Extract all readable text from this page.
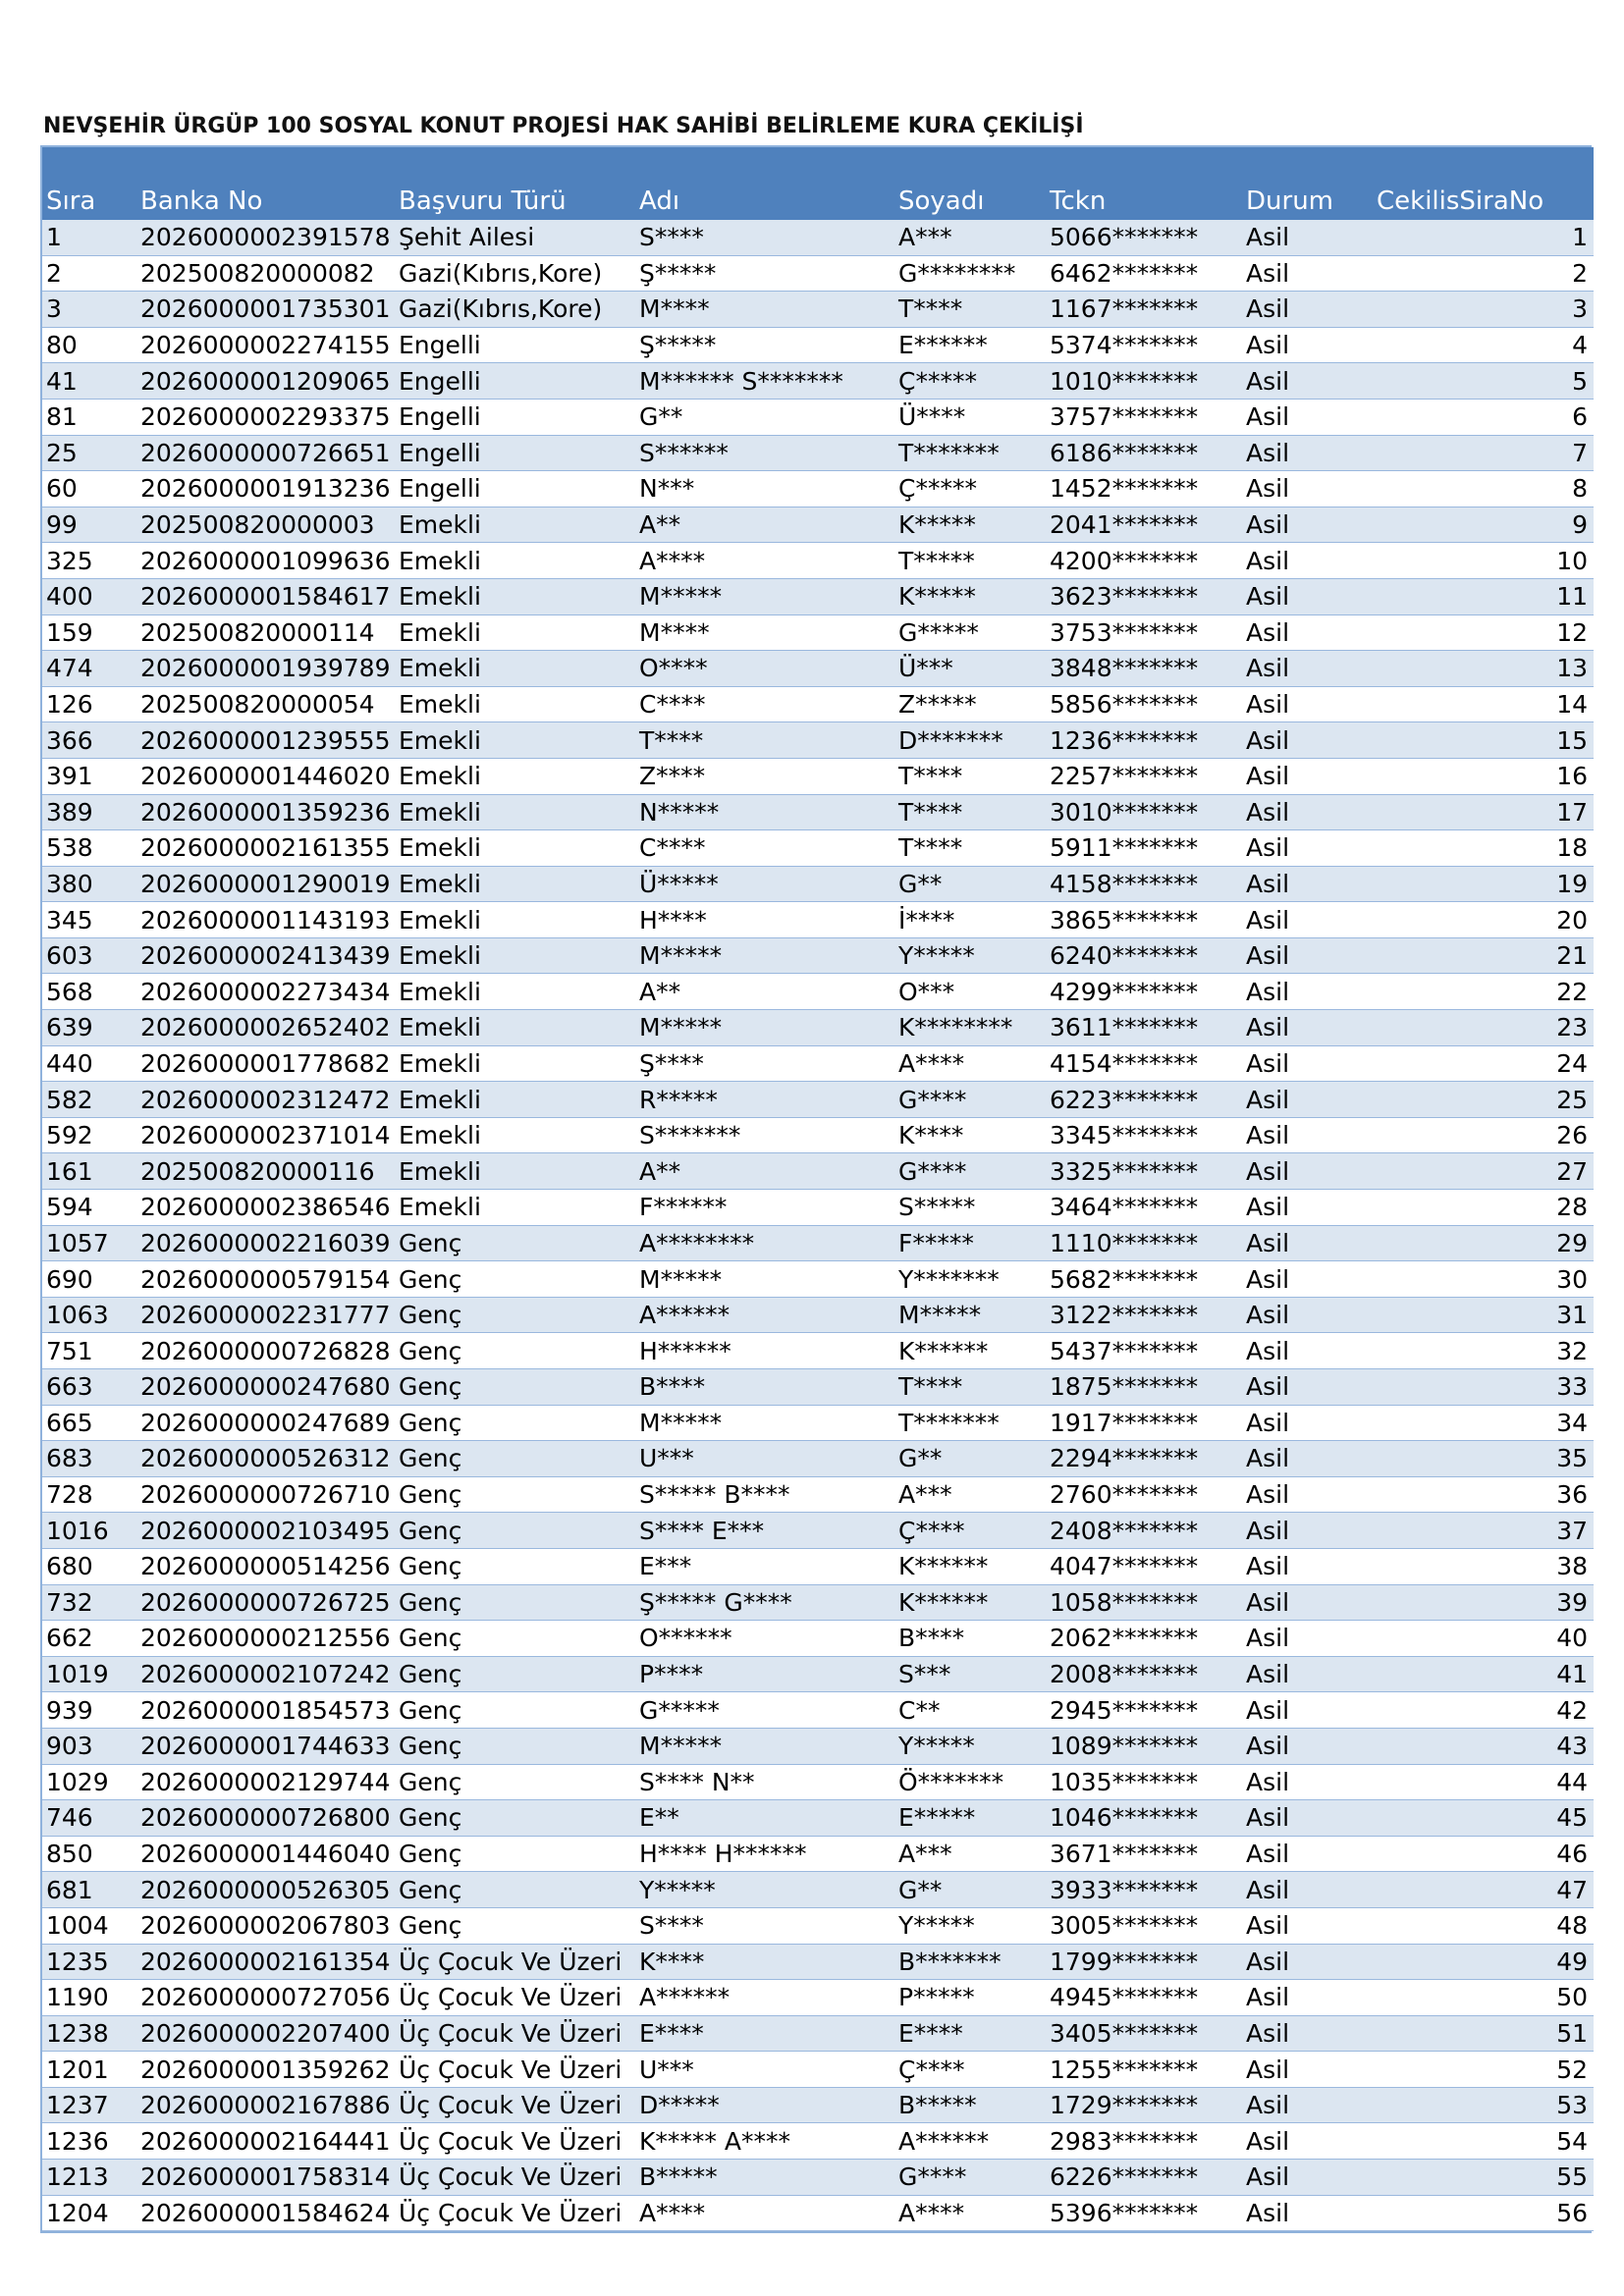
NEVŞEHİR ÜRGÜP 100 SOSYAL KONUT PROJESİ HAK SAHİBİ BELİRLEME KURA ÇEKİLİŞİ
Sıra	Banka No	Başvuru Türü	Adı	Soyadı	Tckn	Durum	CekilisSiraNo
1	2026000002391578	Şehit Ailesi	S****	A***	5066*******	Asil	1
2	202500820000082	Gazi(Kıbrıs,Kore)	Ş*****	G********	6462*******	Asil	2
3	2026000001735301	Gazi(Kıbrıs,Kore)	M****	T****	1167*******	Asil	3
80	2026000002274155	Engelli	Ş*****	E******	5374*******	Asil	4
41	2026000001209065	Engelli	M****** S*******	Ç*****	1010*******	Asil	5
81	2026000002293375	Engelli	G**	Ü****	3757*******	Asil	6
25	2026000000726651	Engelli	S******	T*******	6186*******	Asil	7
60	2026000001913236	Engelli	N***	Ç*****	1452*******	Asil	8
99	202500820000003	Emekli	A**	K*****	2041*******	Asil	9
325	2026000001099636	Emekli	A****	T*****	4200*******	Asil	10
400	2026000001584617	Emekli	M*****	K*****	3623*******	Asil	11
159	202500820000114	Emekli	M****	G*****	3753*******	Asil	12
474	2026000001939789	Emekli	O****	Ü***	3848*******	Asil	13
126	202500820000054	Emekli	C****	Z*****	5856*******	Asil	14
366	2026000001239555	Emekli	T****	D*******	1236*******	Asil	15
391	2026000001446020	Emekli	Z****	T****	2257*******	Asil	16
389	2026000001359236	Emekli	N*****	T****	3010*******	Asil	17
538	2026000002161355	Emekli	C****	T****	5911*******	Asil	18
380	2026000001290019	Emekli	Ü*****	G**	4158*******	Asil	19
345	2026000001143193	Emekli	H****	İ****	3865*******	Asil	20
603	2026000002413439	Emekli	M*****	Y*****	6240*******	Asil	21
568	2026000002273434	Emekli	A**	O***	4299*******	Asil	22
639	2026000002652402	Emekli	M*****	K********	3611*******	Asil	23
440	2026000001778682	Emekli	Ş****	A****	4154*******	Asil	24
582	2026000002312472	Emekli	R*****	G****	6223*******	Asil	25
592	2026000002371014	Emekli	S*******	K****	3345*******	Asil	26
161	202500820000116	Emekli	A**	G****	3325*******	Asil	27
594	2026000002386546	Emekli	F******	S*****	3464*******	Asil	28
1057	2026000002216039	Genç	A********	F*****	1110*******	Asil	29
690	2026000000579154	Genç	M*****	Y*******	5682*******	Asil	30
1063	2026000002231777	Genç	A******	M*****	3122*******	Asil	31
751	2026000000726828	Genç	H******	K******	5437*******	Asil	32
663	2026000000247680	Genç	B****	T****	1875*******	Asil	33
665	2026000000247689	Genç	M*****	T*******	1917*******	Asil	34
683	2026000000526312	Genç	U***	G**	2294*******	Asil	35
728	2026000000726710	Genç	S***** B****	A***	2760*******	Asil	36
1016	2026000002103495	Genç	S**** E***	Ç****	2408*******	Asil	37
680	2026000000514256	Genç	E***	K******	4047*******	Asil	38
732	2026000000726725	Genç	Ş***** G****	K******	1058*******	Asil	39
662	2026000000212556	Genç	O******	B****	2062*******	Asil	40
1019	2026000002107242	Genç	P****	S***	2008*******	Asil	41
939	2026000001854573	Genç	G*****	C**	2945*******	Asil	42
903	2026000001744633	Genç	M*****	Y*****	1089*******	Asil	43
1029	2026000002129744	Genç	S**** N**	Ö*******	1035*******	Asil	44
746	2026000000726800	Genç	E**	E*****	1046*******	Asil	45
850	2026000001446040	Genç	H**** H******	A***	3671*******	Asil	46
681	2026000000526305	Genç	Y*****	G**	3933*******	Asil	47
1004	2026000002067803	Genç	S****	Y*****	3005*******	Asil	48
1235	2026000002161354	Üç Çocuk Ve Üzeri	K****	B*******	1799*******	Asil	49
1190	2026000000727056	Üç Çocuk Ve Üzeri	A******	P*****	4945*******	Asil	50
1238	2026000002207400	Üç Çocuk Ve Üzeri	E****	E****	3405*******	Asil	51
1201	2026000001359262	Üç Çocuk Ve Üzeri	U***	Ç****	1255*******	Asil	52
1237	2026000002167886	Üç Çocuk Ve Üzeri	D*****	B*****	1729*******	Asil	53
1236	2026000002164441	Üç Çocuk Ve Üzeri	K***** A****	A******	2983*******	Asil	54
1213	2026000001758314	Üç Çocuk Ve Üzeri	B*****	G****	6226*******	Asil	55
1204	2026000001584624	Üç Çocuk Ve Üzeri	A****	A****	5396*******	Asil	56
